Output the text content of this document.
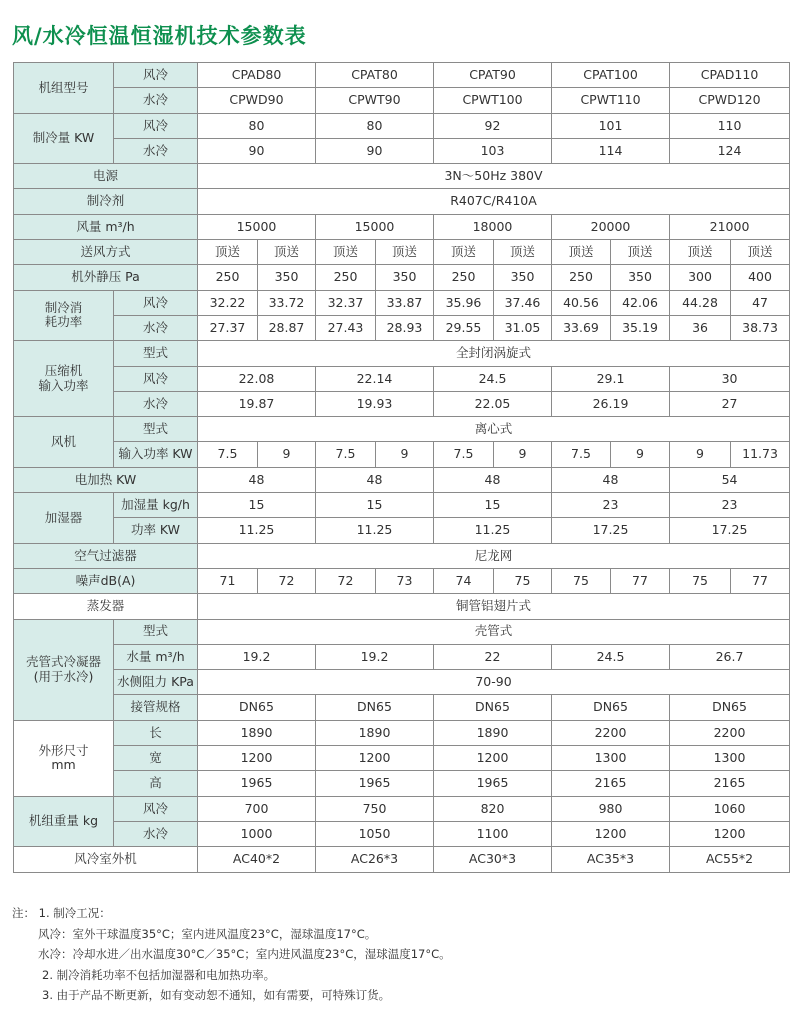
风/水冷恒温恒湿机技术参数表
机组型号	风冷	CPAD80		CPAT80		CPAT90		CPAT100		CPAD110	
	水冷	CPWD90		CPWT90		CPWT100		CPWT110		CPWD120	
制冷量 KW	风冷	80		80		92		101		110	
	水冷	90		90		103		114		124	
电源		3N～50Hz 380V									
制冷剂		R407C/R410A									
风量 m³/h		15000		15000		18000		20000		21000	
送风方式		顶送	顶送	顶送	顶送	顶送	顶送	顶送	顶送	顶送	顶送
机外静压 Pa		250	350	250	350	250	350	250	350	300	400
制冷消
耗功率	风冷	32.22	33.72	32.37	33.87	35.96	37.46	40.56	42.06	44.28	47
	水冷	27.37	28.87	27.43	28.93	29.55	31.05	33.69	35.19	36	38.73
压缩机
输入功率	型式	全封闭涡旋式									
	风冷	22.08		22.14		24.5		29.1		30	
	水冷	19.87		19.93		22.05		26.19		27	
风机	型式	离心式									
	输入功率 KW	7.5	9	7.5	9	7.5	9	7.5	9	9	11.73
电加热 KW		48		48		48		48		54	
加湿器	加湿量 kg/h	15		15		15		23		23	
	功率 KW	11.25		11.25		11.25		17.25		17.25	
空气过滤器		尼龙网									
噪声dB(A)		71	72	72	73	74	75	75	77	75	77
蒸发器		铜管铝翅片式									
壳管式冷凝器
(用于水冷)	型式	壳管式									
	水量 m³/h	19.2		19.2		22		24.5		26.7	
	水侧阻力 KPa	70-90									
	接管规格	DN65		DN65		DN65		DN65		DN65	
外形尺寸
mm	长	1890		1890		1890		2200		2200	
	宽	1200		1200		1200		1300		1300	
	高	1965		1965		1965		2165		2165	
机组重量 kg	风冷	700		750		820		980		1060	
	水冷	1000		1050		1100		1200		1200	
风冷室外机		AC40*2		AC26*3		AC30*3		AC35*3		AC55*2	
注： 1. 制冷工况：
风冷：室外干球温度35°C；室内进风温度23°C，湿球温度17°C。
水冷：冷却水进／出水温度30°C／35°C；室内进风温度23°C，湿球温度17°C。
2. 制冷消耗功率不包括加湿器和电加热功率。
3. 由于产品不断更新，如有变动恕不通知，如有需要，可特殊订货。
